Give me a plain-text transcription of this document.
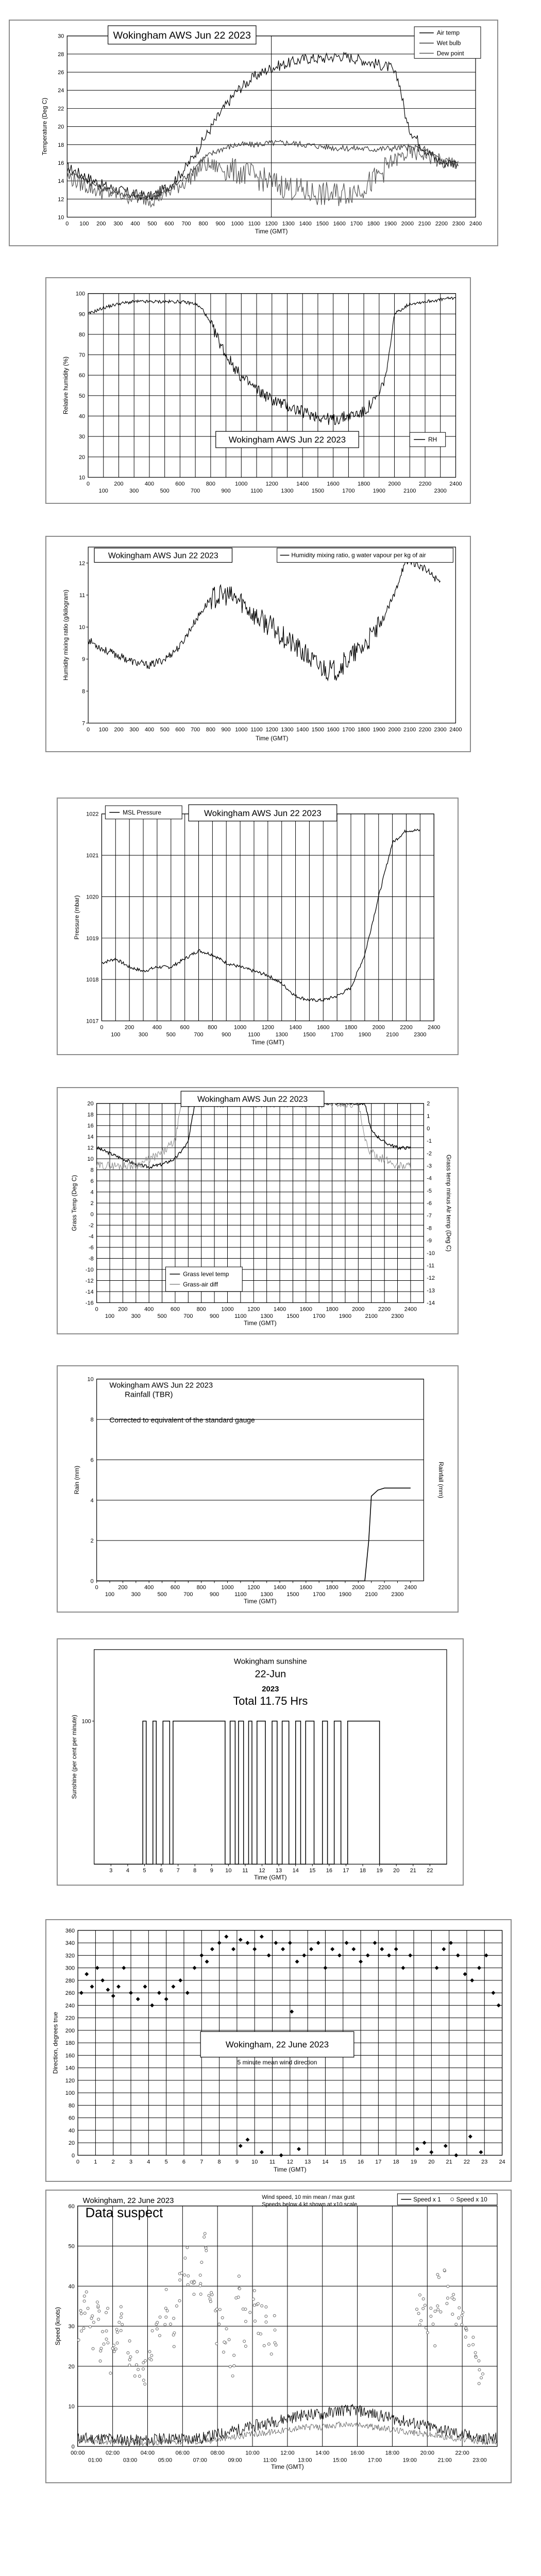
10
12
14
16
18
20
22
24
26
28
30
0 100 200 300 400 500 600 700 800 900 1000 1100 1200 1300 1400 1500 1600 1700 1800 1900 2000 2100 2200 2300 2400
Time (GMT)
Temperature (Deg C)
Wokingham AWS Jun 22 2023	Air temp
Wet bulb
Dew point
10
20
30
40
50
60
70
80
90
100
0	200	400	600	800	1000	1200	1400	1600	1800	2000	2200	2400
100	300	500	700	900	1100	1300	1500	1700	1900	2100	2300
Relative humidity (%)
Wokingham AWS Jun 22 2023	RH
7
8
9
10
11
12
0 100 200 300 400 500 600 700 800 900 1000 1100 1200 1300 1400 1500 1600 1700 1800 1900 2000 2100 2200 2300 2400
Time (GMT)
Humidity mixing ratio (g/kilogram)
Wokingham AWS Jun 22 2023	Humidity mixing ratio, g water vapour per kg of air
1017
1018
1019
1020
1021
1022
0	200	400	600	800	1000	1200	1400	1600	1800	2000	2200	2400
100	300	500	700	900	1100	1300	1500	1700	1900	2100	2300
Time (GMT)
Pressure (mbar)
MSL Pressure	Wokingham AWS Jun 22 2023
-16
-14
-12
-10
-8
-6
-4
-2
0
2
4
6
8
10
12
14
16
18
20
-14
-13
-12
-11
-10
-9
-8
-7
-6
-5
-4
-3
-2
-1
0
1
2
0	200	400	600	800	1000 1200 1400 1600 1800 2000 2200 2400
100	300	500	700	900	1100 1300 1500 1700 1900 2100 2300
Time (GMT)
Grass Temp (Deg C)	Grass temp minus Air temp (Deg C)
Wokingham AWS Jun 22 2023
Grass level temp
Grass-air diff
0
2
4
6
8
10
0	200	400	600	800	1000 1200 1400 1600 1800 2000 2200 2400
100	300	500	700	900	1100 1300 1500 1700 1900 2100 2300
Time (GMT)
Rain (mm)	Rainfall (mm)
Wokingham AWS Jun 22 2023
Rainfall (TBR)
Corrected to equivalent of the standard gauge
100
3 4 5 6 7 8 9 10 11 12 13 14 15 16 17 18 19 20 21 22
Time (GMT)
Sunshine (per cent per minute)
Wokingham sunshine
22-Jun
2023
Total 11.75 Hrs
0
20
40
60
80
100
120
140
160
180
200
220
240
260
280
300
320
340
360
0	1	2	3	4	5	6	7	8	9 10 11 12 13 14 15 16 17 18 19 20 21 22 23 24
Time (GMT)
Direction, degrees true	Wokingham, 22 June 2023
5 minute mean wind direction
0
10
20
30
40
50
60
00:00	02:00	04:00	06:00	08:00	10:00	12:00	14:00	16:00	18:00	20:00	22:00
01:00	03:00	05:00	07:00	09:00	11:00	13:00	15:00	17:00	19:00	21:00	23:00
Time (GMT)
Speed (knots)
Wokingham, 22 June 2023
Data suspect
Wind speed, 10 min mean / max gust
Speeds below 4 kt shown at x10 scale
Speed x 1 Speed x 10
